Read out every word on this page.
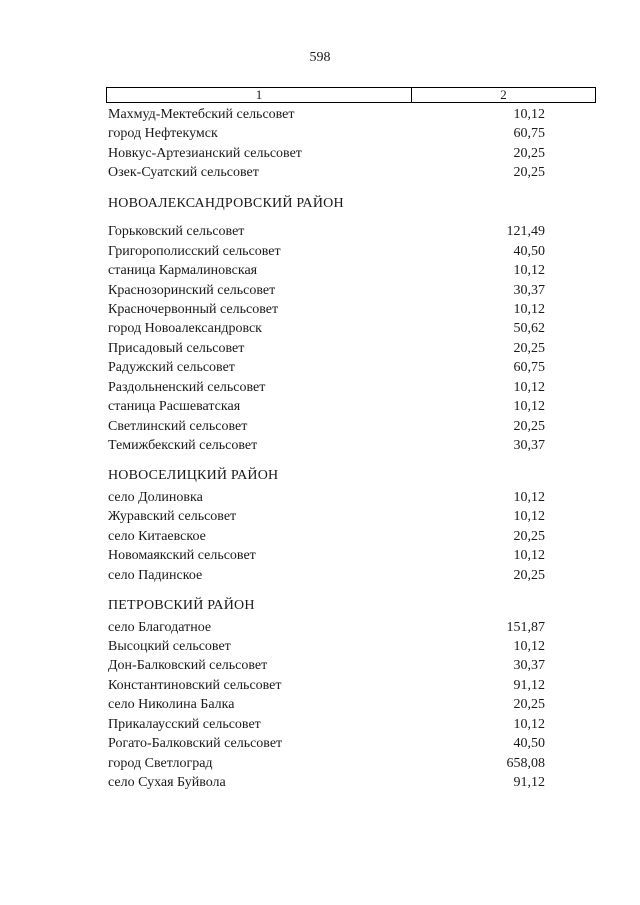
598
1	2
Махмуд-Мектебский сельсовет	10,12
город Нефтекумск	60,75
Новкус-Артезианский сельсовет	20,25
Озек-Суатский сельсовет	20,25
НОВОАЛЕКСАНДРОВСКИЙ РАЙОН
Горьковский сельсовет	121,49
Григорополисский сельсовет	40,50
станица Кармалиновская	10,12
Краснозоринский сельсовет	30,37
Красночервонный сельсовет	10,12
город Новоалександровск	50,62
Присадовый сельсовет	20,25
Радужский сельсовет	60,75
Раздольненский сельсовет	10,12
станица Расшеватская	10,12
Светлинский сельсовет	20,25
Темижбекский сельсовет	30,37
НОВОСЕЛИЦКИЙ РАЙОН
село Долиновка	10,12
Журавский сельсовет	10,12
село Китаевское	20,25
Новомаякский сельсовет	10,12
село Падинское	20,25
ПЕТРОВСКИЙ РАЙОН
село Благодатное	151,87
Высоцкий сельсовет	10,12
Дон-Балковский сельсовет	30,37
Константиновский сельсовет	91,12
село Николина Балка	20,25
Прикалаусский сельсовет	10,12
Рогато-Балковский сельсовет	40,50
город Светлоград	658,08
село Сухая Буйвола	91,12
